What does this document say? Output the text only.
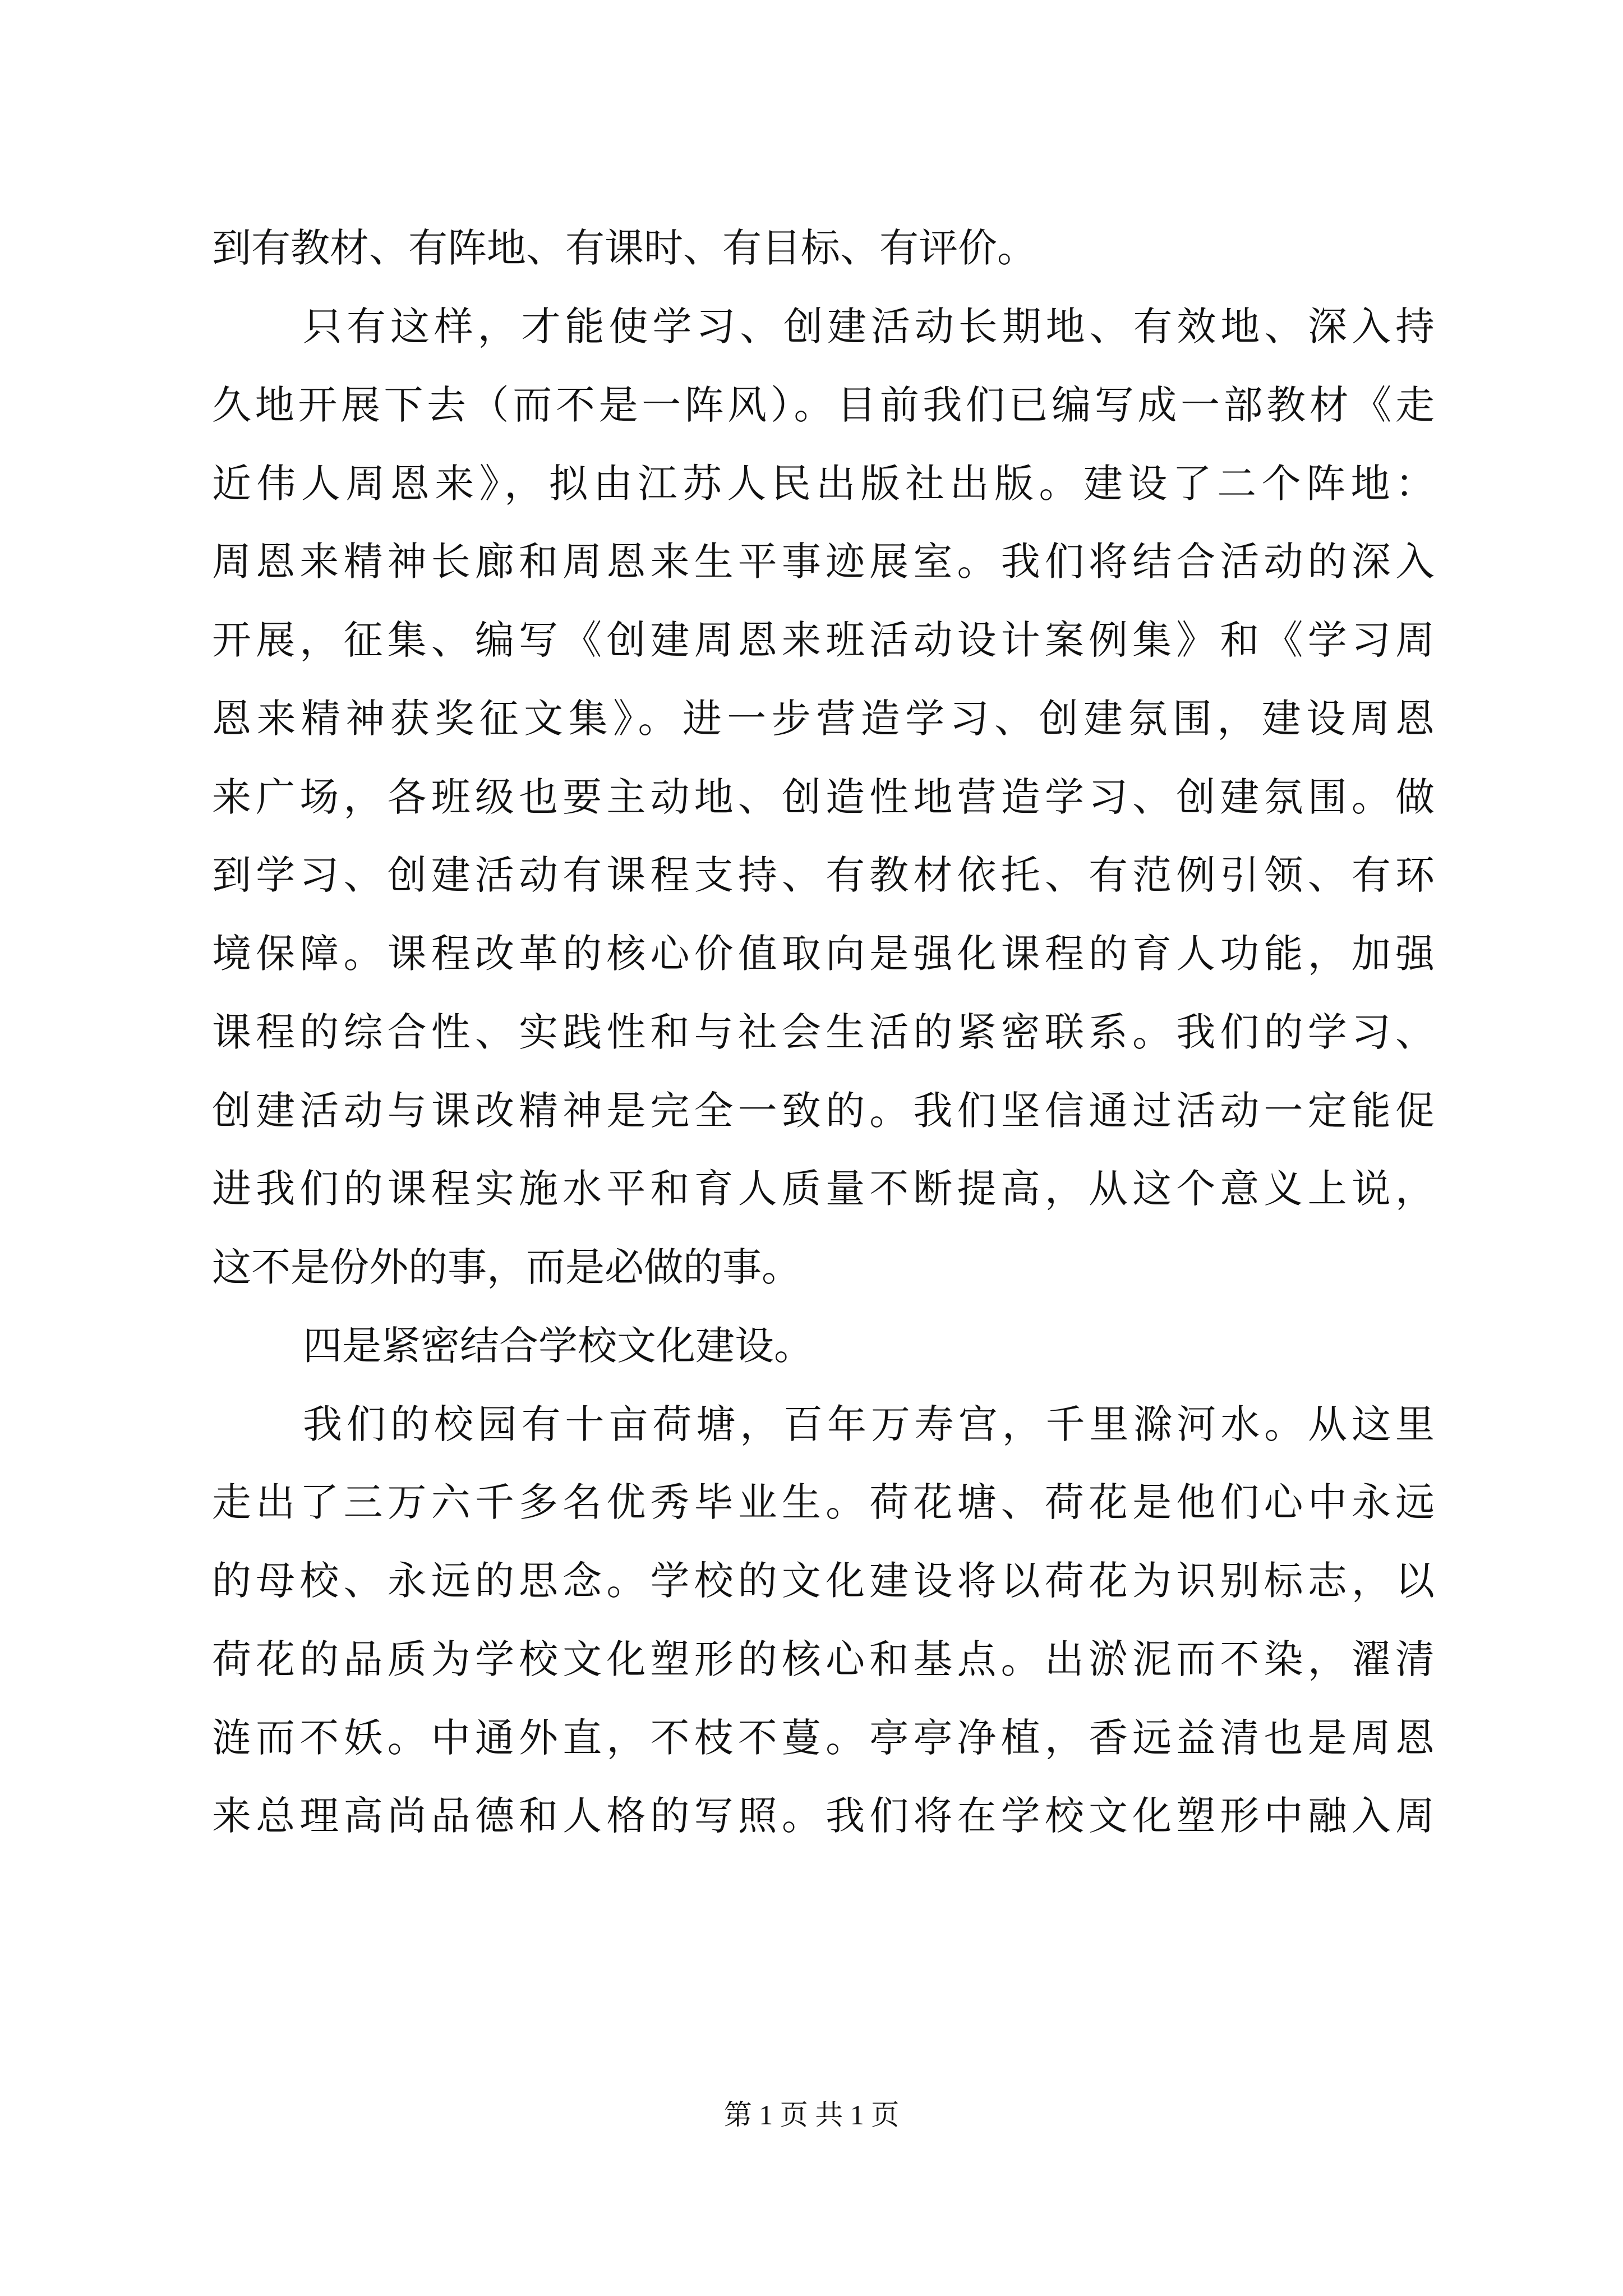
到有教材、有阵地、有课时、有目标、有评价。
只有这样，才能使学习、创建活动长期地、有效地、深入持
久地开展下去（而不是一阵风）。目前我们已编写成一部教材《走
近伟人周恩来》，拟由江苏人民出版社出版。建设了二个阵地：
周恩来精神长廊和周恩来生平事迹展室。我们将结合活动的深入
开展，征集、编写《创建周恩来班活动设计案例集》和《学习周
恩来精神获奖征文集》。进一步营造学习、创建氛围，建设周恩
来广场，各班级也要主动地、创造性地营造学习、创建氛围。做
到学习、创建活动有课程支持、有教材依托、有范例引领、有环
境保障。课程改革的核心价值取向是强化课程的育人功能，加强
课程的综合性、实践性和与社会生活的紧密联系。我们的学习、
创建活动与课改精神是完全一致的。我们坚信通过活动一定能促
进我们的课程实施水平和育人质量不断提高，从这个意义上说，
这不是份外的事，而是必做的事。
四是紧密结合学校文化建设。
我们的校园有十亩荷塘，百年万寿宫，千里滁河水。从这里
走出了三万六千多名优秀毕业生。荷花塘、荷花是他们心中永远
的母校、永远的思念。学校的文化建设将以荷花为识别标志，以
荷花的品质为学校文化塑形的核心和基点。出淤泥而不染，濯清
涟而不妖。中通外直，不枝不蔓。亭亭净植，香远益清也是周恩
来总理高尚品德和人格的写照。我们将在学校文化塑形中融入周
第 1 页 共 1 页
